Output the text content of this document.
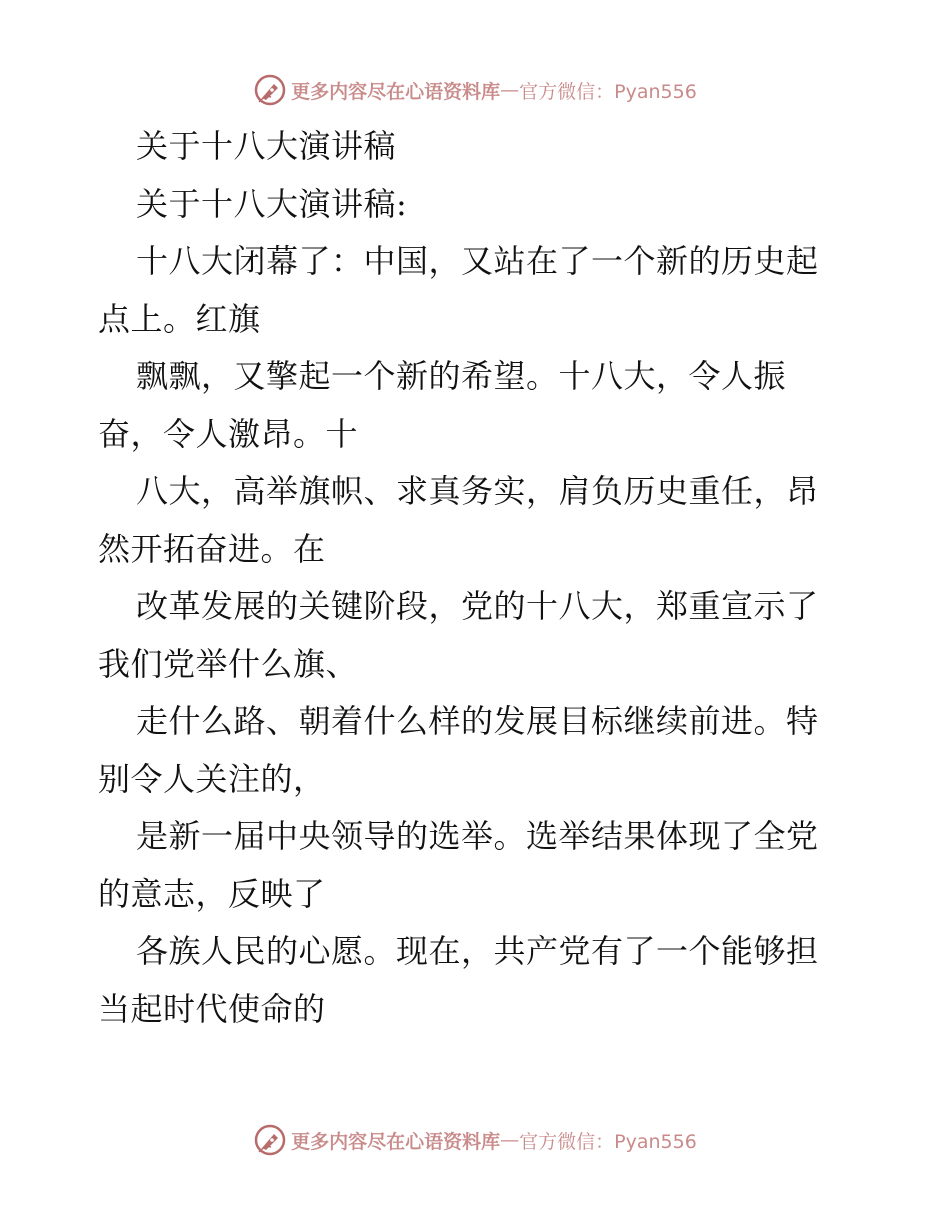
更多内容尽在心语资料库 — 官方微信：Pyan556
关于十八大演讲稿
关于十八大演讲稿:
十八大闭幕了：中国，又站在了一个新的历史起
点上。红旗
飘飘，又擎起一个新的希望。十八大，令人振
奋，令人激昂。十
八大，高举旗帜、求真务实，肩负历史重任，昂
然开拓奋进。在
改革发展的关键阶段，党的十八大，郑重宣示了
我们党举什么旗、
走什么路、朝着什么样的发展目标继续前进。特
别令人关注的，
是新一届中央领导的选举。选举结果体现了全党
的意志，反映了
各族人民的心愿。现在，共产党有了一个能够担
当起时代使命的
更多内容尽在心语资料库 — 官方微信：Pyan556
